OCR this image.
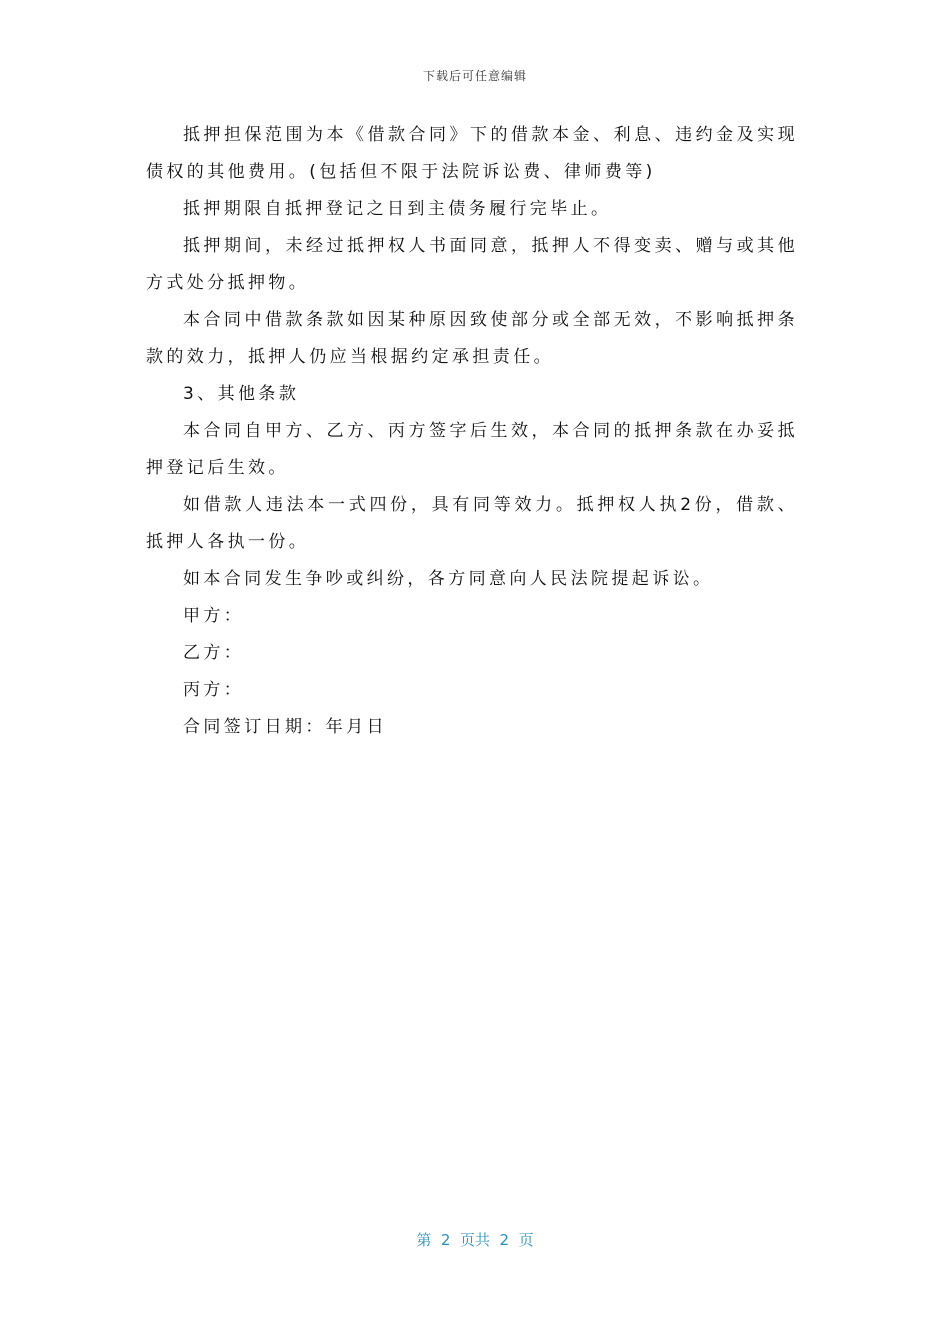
下载后可任意编辑

抵押担保范围为本《借款合同》下的借款本金、利息、违约金及实现债权的其他费用。(包括但不限于法院诉讼费、律师费等)

抵押期限自抵押登记之日到主债务履行完毕止。

抵押期间，未经过抵押权人书面同意，抵押人不得变卖、赠与或其他方式处分抵押物。

本合同中借款条款如因某种原因致使部分或全部无效，不影响抵押条款的效力，抵押人仍应当根据约定承担责任。

3、其他条款

本合同自甲方、乙方、丙方签字后生效，本合同的抵押条款在办妥抵押登记后生效。

如借款人违法本一式四份，具有同等效力。抵押权人执2份，借款、抵押人各执一份。

如本合同发生争吵或纠纷，各方同意向人民法院提起诉讼。

甲方：

乙方：

丙方：

合同签订日期：年月日

第  2  页共  2  页
